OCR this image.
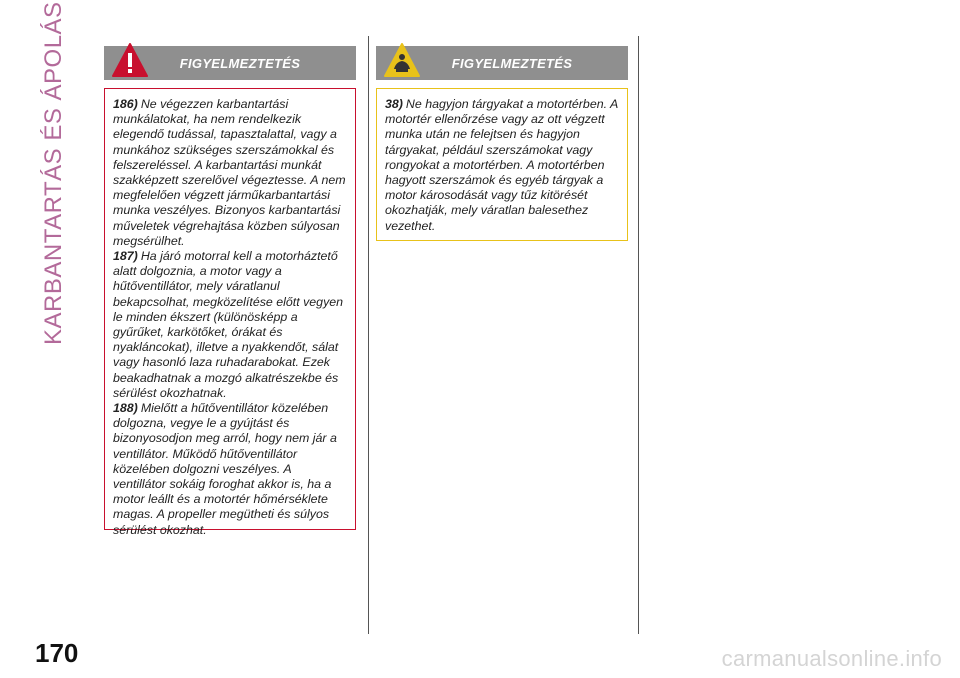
KARBANTARTÁS ÉS ÁPOLÁS	FIGYELMEZTETÉS

186) Ne végezzen karbantartási munkálatokat, ha nem rendelkezik elegendő tudással, tapasztalattal, vagy a munkához szükséges szerszámokkal és felszereléssel. A karbantartási munkát szakképzett szerelővel végeztesse. A nem megfelelően végzett járműkarbantartási munka veszélyes. Bizonyos karbantartási műveletek végrehajtása közben súlyosan megsérülhet.

187) Ha járó motorral kell a motorháztető alatt dolgoznia, a motor vagy a hűtőventillátor, mely váratlanul bekapcsolhat, megközelítése előtt vegyen le minden ékszert (különösképp a gyűrűket, karkötőket, órákat és nyakláncokat), illetve a nyakkendőt, sálat vagy hasonló laza ruhadarabokat. Ezek beakadhatnak a mozgó alkatrészekbe és sérülést okozhatnak.

188) Mielőtt a hűtőventillátor közelében dolgozna, vegye le a gyújtást és bizonyosodjon meg arról, hogy nem jár a ventillátor. Működő hűtőventillátor közelében dolgozni veszélyes. A ventillátor sokáig foroghat akkor is, ha a motor leállt és a motortér hőmérséklete magas. A propeller megütheti és súlyos sérülést okozhat.

FIGYELMEZTETÉS

38) Ne hagyjon tárgyakat a motortérben. A motortér ellenőrzése vagy az ott végzett munka után ne felejtsen és hagyjon tárgyakat, például szerszámokat vagy rongyokat a motortérben. A motortérben hagyott szerszámok és egyéb tárgyak a motor károsodását vagy tűz kitörését okozhatják, mely váratlan balesethez vezethet.

170	carmanualsonline.info
